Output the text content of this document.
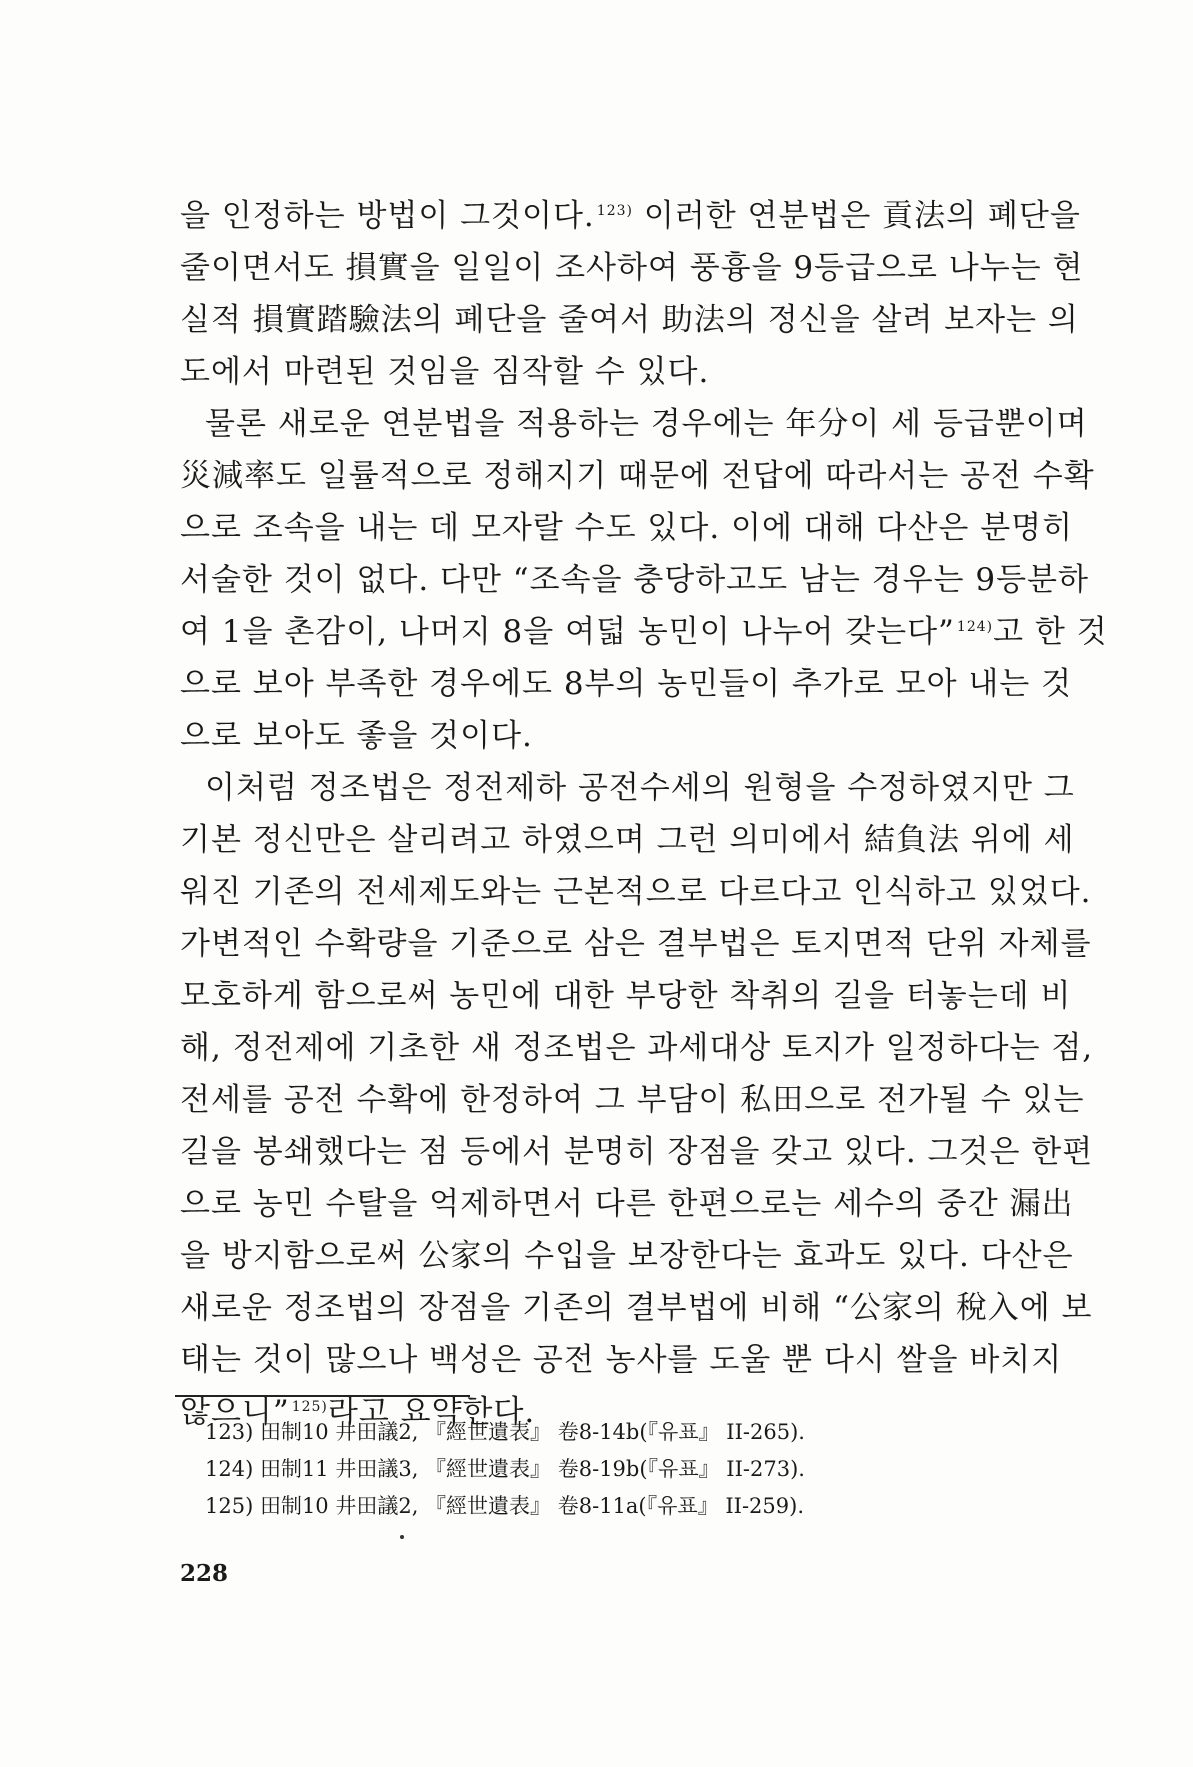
을 인정하는 방법이 그것이다. $^{123)}$ 이러한 연분법은 貢法의 폐단을
줄이면서도 損實을 일일이 조사하여 풍흉을 9등급으로 나누는 현
실적 損實踏驗法의 폐단을 줄여서 助法의 정신을 살려 보자는 의
도에서 마련된 것임을 짐작할 수 있다.
물론 새로운 연분법을 적용하는 경우에는 年分이 세 등급뿐이며
災減率도 일률적으로 정해지기 때문에 전답에 따라서는 공전 수확
으로 조속을 내는 데 모자랄 수도 있다. 이에 대해 다산은 분명히
서술한 것이 없다. 다만 “조속을 충당하고도 남는 경우는 9등분하
여 1을 촌감이, 나머지 8을 여덟 농민이 나누어 갖는다” $^{124)}$고 한 것
으로 보아 부족한 경우에도 8부의 농민들이 추가로 모아 내는 것
으로 보아도 좋을 것이다.
이처럼 정조법은 정전제하 공전수세의 원형을 수정하였지만 그
기본 정신만은 살리려고 하였으며 그런 의미에서 結負法 위에 세
워진 기존의 전세제도와는 근본적으로 다르다고 인식하고 있었다.
가변적인 수확량을 기준으로 삼은 결부법은 토지면적 단위 자체를
모호하게 함으로써 농민에 대한 부당한 착취의 길을 터놓는데 비
해, 정전제에 기초한 새 정조법은 과세대상 토지가 일정하다는 점,
전세를 공전 수확에 한정하여 그 부담이 私田으로 전가될 수 있는
길을 봉쇄했다는 점 등에서 분명히 장점을 갖고 있다. 그것은 한편
으로 농민 수탈을 억제하면서 다른 한편으로는 세수의 중간 漏出
을 방지함으로써 公家의 수입을 보장한다는 효과도 있다. 다산은
새로운 정조법의 장점을 기존의 결부법에 비해 “公家의 稅入에 보
태는 것이 많으나 백성은 공전 농사를 도울 뿐 다시 쌀을 바치지
않으니” $^{125)}$라고 요약한다.
123) 田制10 井田議2, 『經世遺表』 卷8-14b(『유표』 II-265).
124) 田制11 井田議3, 『經世遺表』 卷8-19b(『유표』 II-273).
125) 田制10 井田議2, 『經世遺表』 卷8-11a(『유표』 II-259).
228
